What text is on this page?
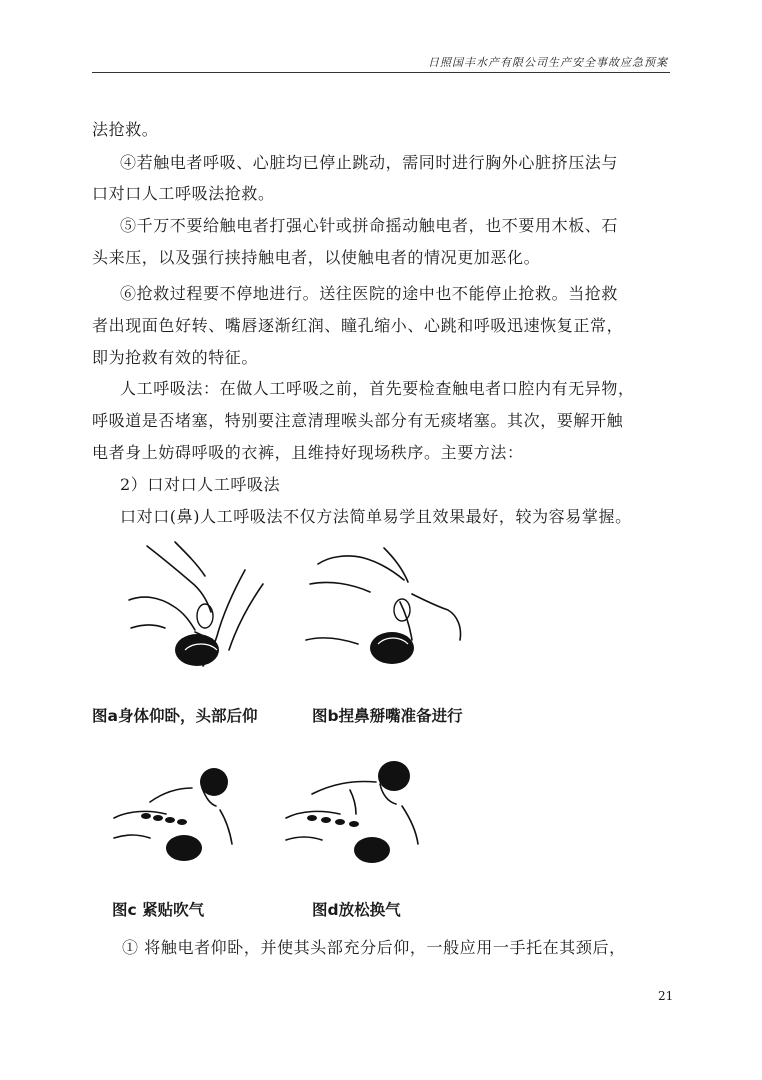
日照国丰水产有限公司生产安全事故应急预案
法抢救。
④若触电者呼吸、心脏均已停止跳动，需同时进行胸外心脏挤压法与
口对口人工呼吸法抢救。
⑤千万不要给触电者打强心针或拼命摇动触电者，也不要用木板、石
头来压，以及强行挟持触电者，以使触电者的情况更加恶化。
⑥抢救过程要不停地进行。送往医院的途中也不能停止抢救。当抢救
者出现面色好转、嘴唇逐渐红润、瞳孔缩小、心跳和呼吸迅速恢复正常，
即为抢救有效的特征。
人工呼吸法：在做人工呼吸之前，首先要检查触电者口腔内有无异物，
呼吸道是否堵塞，特别要注意清理喉头部分有无痰堵塞。其次，要解开触
电者身上妨碍呼吸的衣裤，且维持好现场秩序。主要方法：
2）口对口人工呼吸法
口对口(鼻)人工呼吸法不仅方法简单易学且效果最好，较为容易掌握。
图a身体仰卧，头部后仰	图b捏鼻掰嘴准备进行
图c 紧贴吹气	图d放松换气
① 将触电者仰卧，并使其头部充分后仰，一般应用一手托在其颈后，
21
